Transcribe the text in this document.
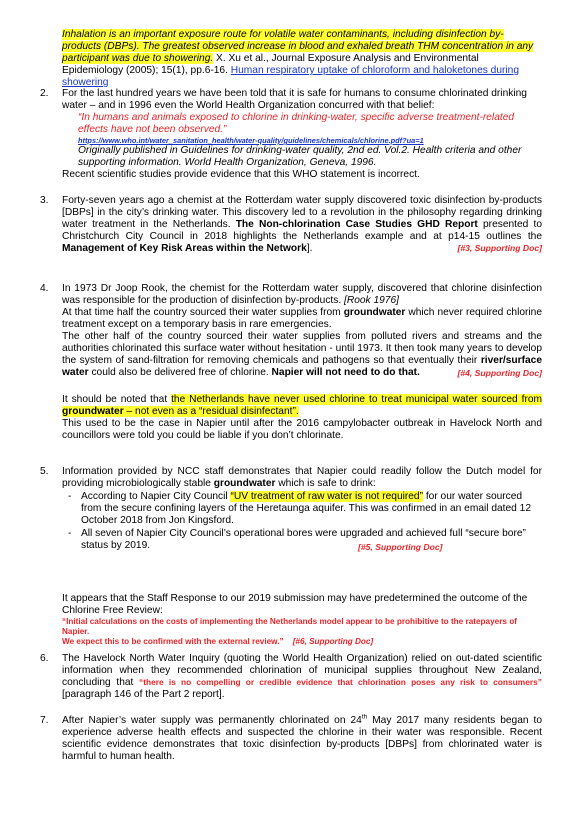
Inhalation is an important exposure route for volatile water contaminants, including disinfection by-products (DBPs). The greatest observed increase in blood and exhaled breath THM concentration in any participant was due to showering. X. Xu et al., Journal Exposure Analysis and Environmental Epidemiology (2005); 15(1), pp.6-16. Human respiratory uptake of chloroform and haloketones during showering

2. For the last hundred years we have been told that it is safe for humans to consume chlorinated drinking water – and in 1996 even the World Health Organization concurred with that belief:

“In humans and animals exposed to chlorine in drinking-water, specific adverse treatment-related effects have not been observed.”

https://www.who.int/water_sanitation_health/water-quality/guidelines/chemicals/chlorine.pdf?ua=1

Originally published in Guidelines for drinking-water quality, 2nd ed. Vol.2. Health criteria and other supporting information. World Health Organization, Geneva, 1996.

Recent scientific studies provide evidence that this WHO statement is incorrect.

3. Forty-seven years ago a chemist at the Rotterdam water supply discovered toxic disinfection by-products [DBPs] in the city’s drinking water. This discovery led to a revolution in the philosophy regarding drinking water treatment in the Netherlands. The Non-chlorination Case Studies GHD Report presented to Christchurch City Council in 2018 highlights the Netherlands example and at p14-15 outlines the Management of Key Risk Areas within the Network].	[#3, Supporting Doc]

4. In 1973 Dr Joop Rook, the chemist for the Rotterdam water supply, discovered that chlorine disinfection was responsible for the production of disinfection by-products. [Rook 1976]

At that time half the country sourced their water supplies from groundwater which never required chlorine treatment except on a temporary basis in rare emergencies.

The other half of the country sourced their water supplies from polluted rivers and streams and the authorities chlorinated this surface water without hesitation - until 1973. It then took many years to develop the system of sand-filtration for removing chemicals and pathogens so that eventually their river/surface water could also be delivered free of chlorine. Napier will not need to do that.	[#4, Supporting Doc]

It should be noted that the Netherlands have never used chlorine to treat municipal water sourced from groundwater – not even as a “residual disinfectant”.

This used to be the case in Napier until after the 2016 campylobacter outbreak in Havelock North and councillors were told you could be liable if you don’t chlorinate.

5. Information provided by NCC staff demonstrates that Napier could readily follow the Dutch model for providing microbiologically stable groundwater which is safe to drink:

- According to Napier City Council “UV treatment of raw water is not required” for our water sourced from the secure confining layers of the Heretaunga aquifer. This was confirmed in an email dated 12 October 2018 from Jon Kingsford.

- All seven of Napier City Council’s operational bores were upgraded and achieved full “secure bore” status by 2019.	[#5, Supporting Doc]

It appears that the Staff Response to our 2019 submission may have predetermined the outcome of the Chlorine Free Review:

“Initial calculations on the costs of implementing the Netherlands model appear to be prohibitive to the ratepayers of Napier.

We expect this to be confirmed with the external review.” [#6, Supporting Doc]

6. The Havelock North Water Inquiry (quoting the World Health Organization) relied on out-dated scientific information when they recommended chlorination of municipal supplies throughout New Zealand, concluding that “there is no compelling or credible evidence that chlorination poses any risk to consumers” [paragraph 146 of the Part 2 report].

7. After Napier’s water supply was permanently chlorinated on 24th May 2017 many residents began to experience adverse health effects and suspected the chlorine in their water was responsible. Recent scientific evidence demonstrates that toxic disinfection by-products [DBPs] from chlorinated water is harmful to human health.
